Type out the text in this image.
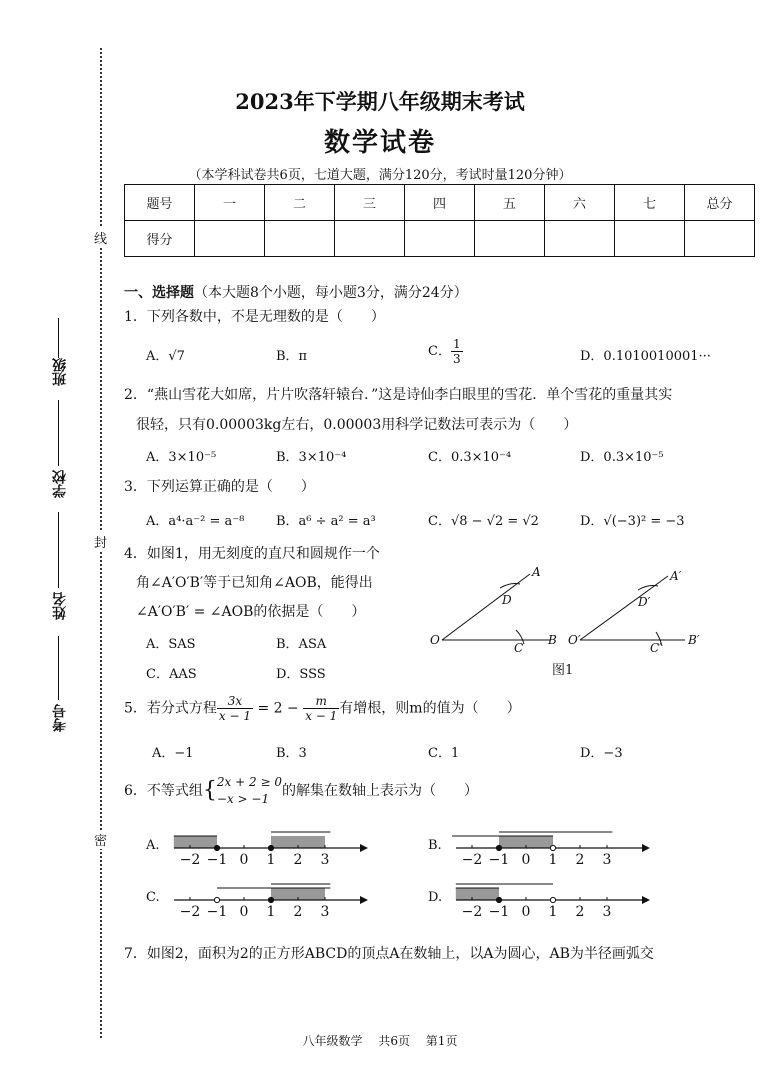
线
封
密
班级
学校
姓名
考号
2023年下学期八年级期末考试
数学试卷
（本学科试卷共6页，七道大题，满分120分，考试时量120分钟）
题号	一	二	三	四	五	六	七	总分
得分								
一、选择题（本大题8个小题，每小题3分，满分24分）
1．下列各数中，不是无理数的是（　　）
A．√7	B．π	C． $\frac{1}{3}$	D．0.1010010001···
2．“燕山雪花大如席，片片吹落轩辕台．”这是诗仙李白眼里的雪花．单个雪花的重量其实
很轻，只有0.00003kg左右，0.00003用科学记数法可表示为（　　）
A．3×10⁻⁵	B．3×10⁻⁴	C．0.3×10⁻⁴	D．0.3×10⁻⁵
3．下列运算正确的是（　　）
A．a⁴·a⁻² = a⁻⁸ B．a⁶ ÷ a² = a³	C．√8 − √2 = √2	D．√(−3)² = −3
4．如图1，用无刻度的直尺和圆规作一个
角∠A′O′B′等于已知角∠AOB，能得出
∠A′O′B′ = ∠AOB的依据是（　　）
A．SAS	B．ASA
C．AAS	D．SSS
A
D
O
C
B
A′
D′
O′
C′
B′
图1
5．若分式方程 $\frac{3x}{x - 1} = 2 - \frac{m}{x - 1}$ 有增根，则m的值为（　　）
A．−1	B．3	C．1	D．−3
6．不等式组{ 2x + 2 ≥ 0
−x > −1 的解集在数轴上表示为（　　）
A.	B.
C.	D.
−2 −1 0 1 2 3	−2 −1 0 1 2 3
−2 −1 0 1 2 3	−2 −1 0 1 2 3
7．如图2，面积为2的正方形ABCD的顶点A在数轴上，以A为圆心，AB为半径画弧交
八年级数学　 共6页　 第1页
